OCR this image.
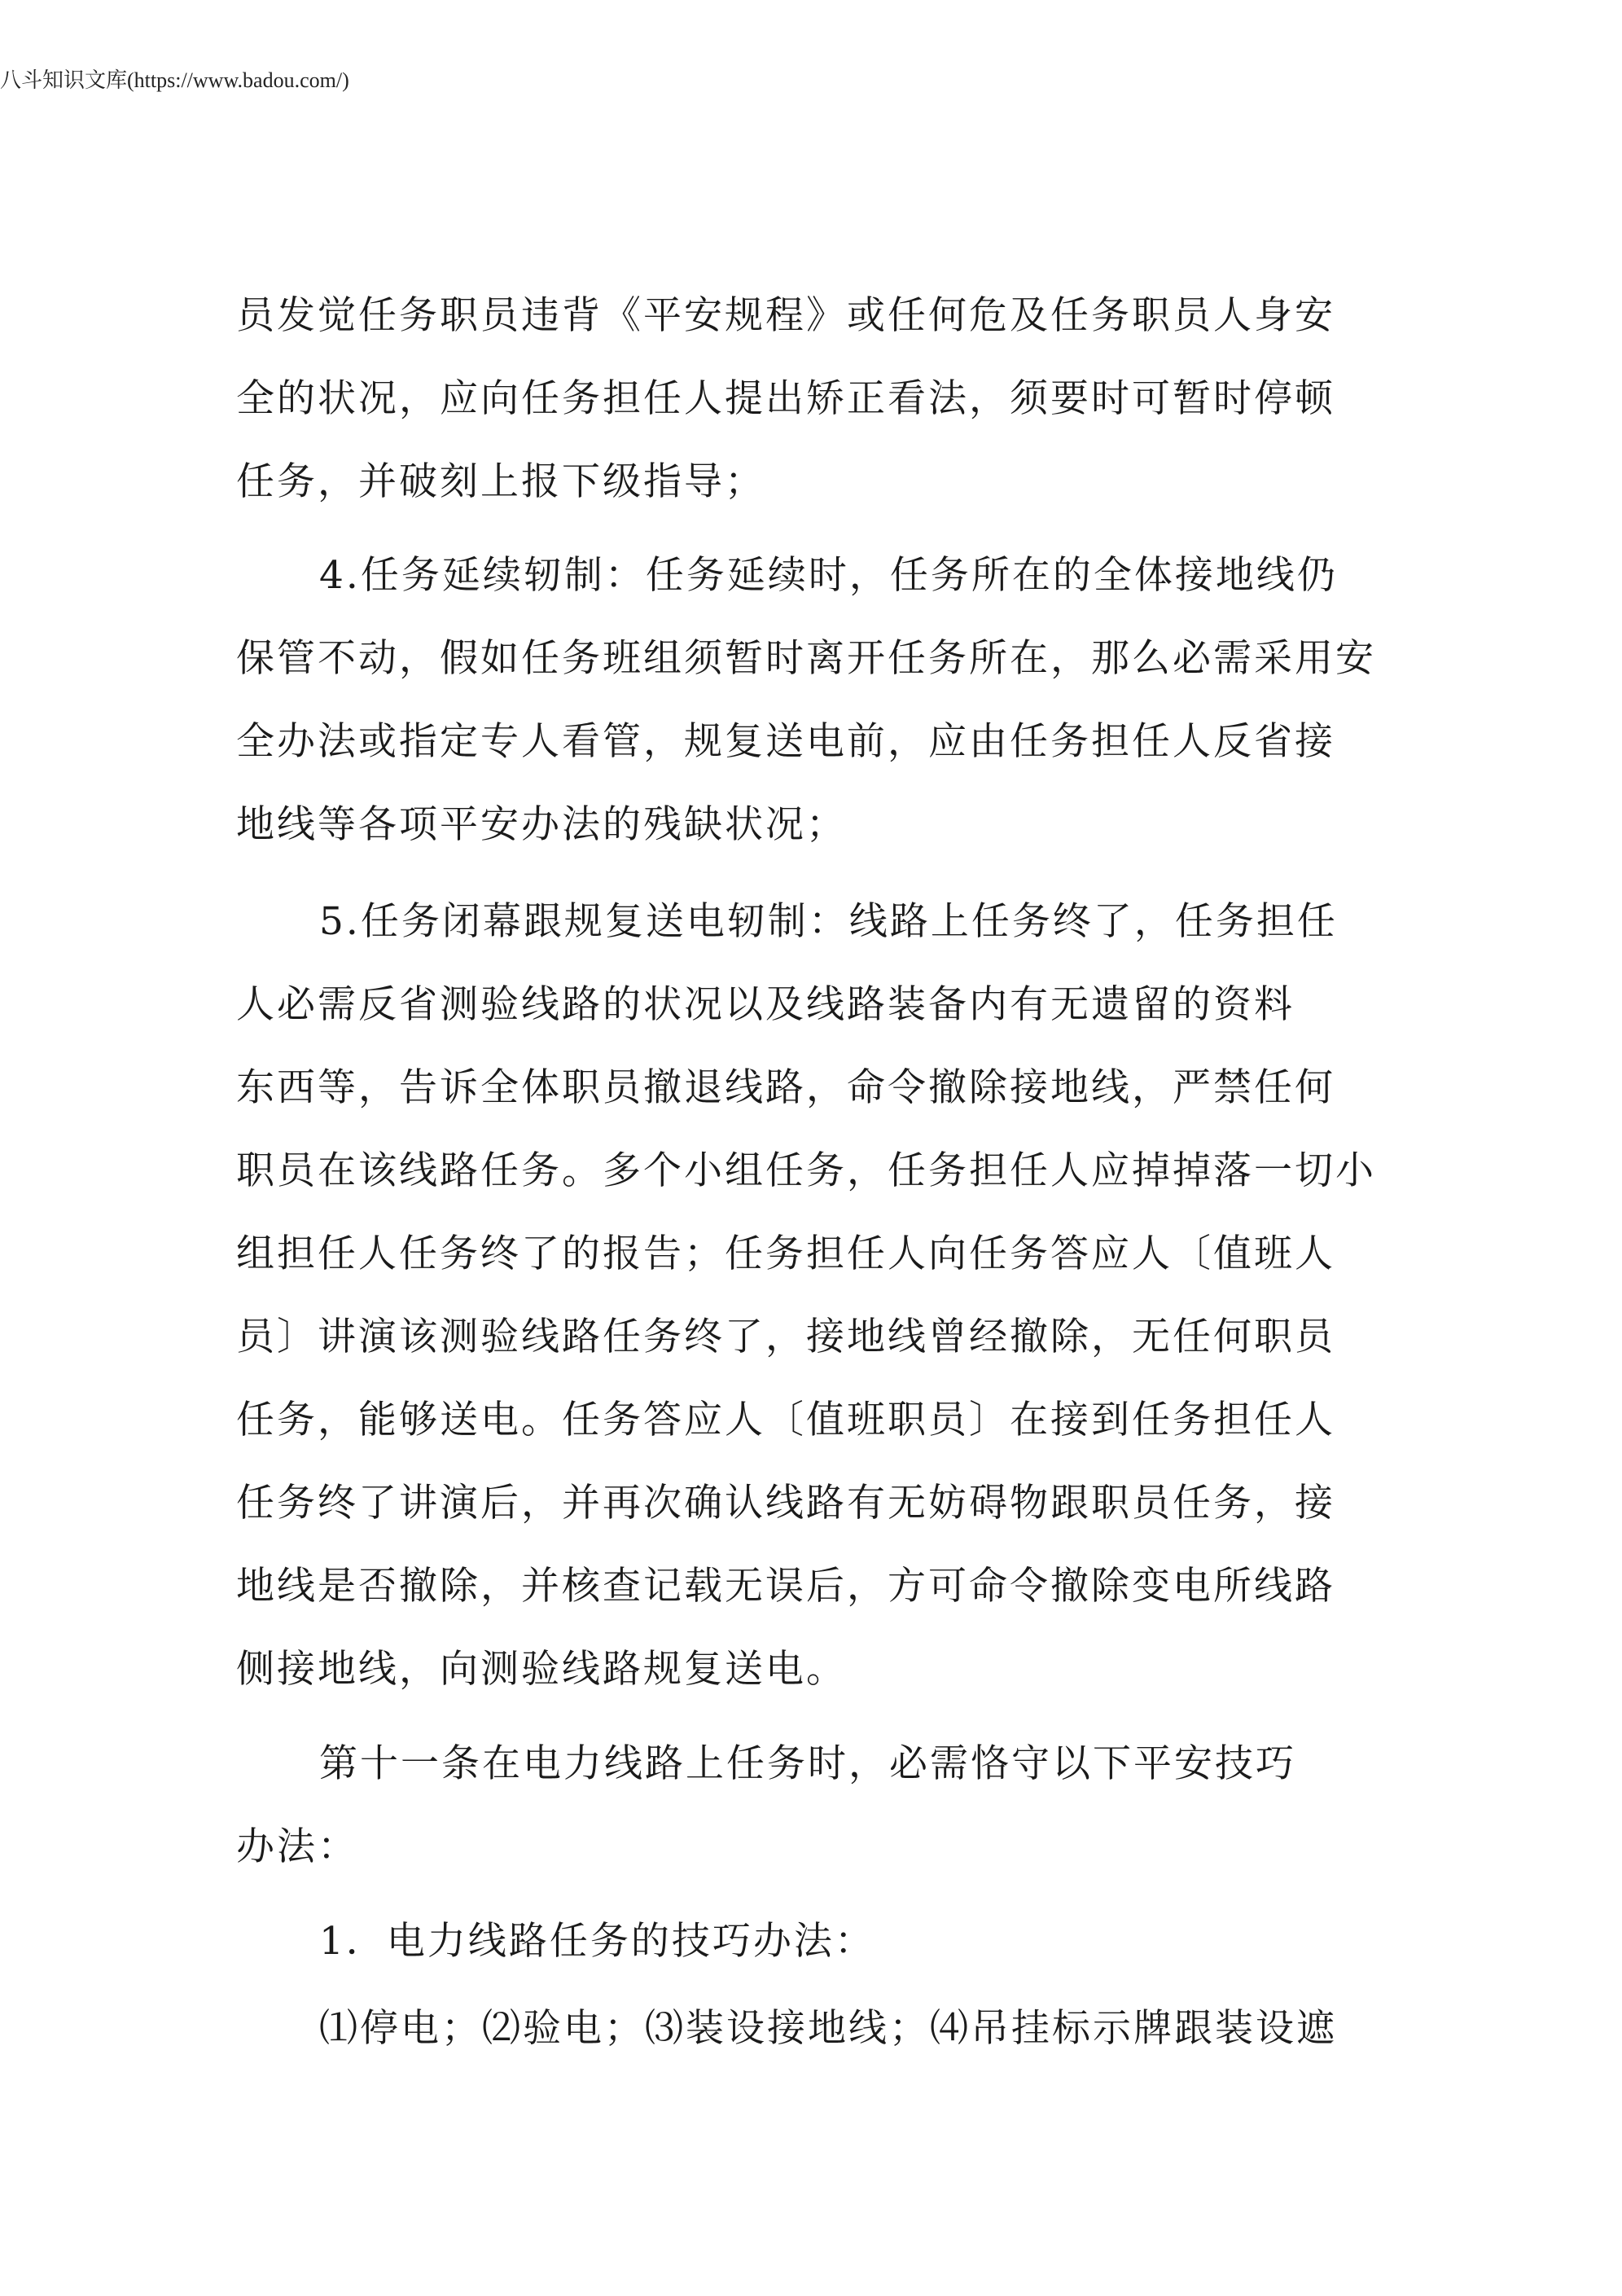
八斗知识文库(https://www.badou.com/)
员发觉任务职员违背《平安规程》或任何危及任务职员人身安
全的状况，应向任务担任人提出矫正看法，须要时可暂时停顿
任务，并破刻上报下级指导；
4.任务延续轫制：任务延续时，任务所在的全体接地线仍
保管不动，假如任务班组须暂时离开任务所在，那么必需采用安
全办法或指定专人看管，规复送电前，应由任务担任人反省接
地线等各项平安办法的残缺状况；
5.任务闭幕跟规复送电轫制：线路上任务终了，任务担任
人必需反省测验线路的状况以及线路装备内有无遗留的资料
东西等，告诉全体职员撤退线路，命令撤除接地线，严禁任何
职员在该线路任务。多个小组任务，任务担任人应掉掉落一切小
组担任人任务终了的报告；任务担任人向任务答应人〔值班人
员〕讲演该测验线路任务终了，接地线曾经撤除，无任何职员
任务，能够送电。任务答应人〔值班职员〕在接到任务担任人
任务终了讲演后，并再次确认线路有无妨碍物跟职员任务，接
地线是否撤除，并核查记载无误后，方可命令撤除变电所线路
侧接地线，向测验线路规复送电。
第十一条在电力线路上任务时，必需恪守以下平安技巧
办法：
1．电力线路任务的技巧办法：
⑴停电；⑵验电；⑶装设接地线；⑷吊挂标示牌跟装设遮
